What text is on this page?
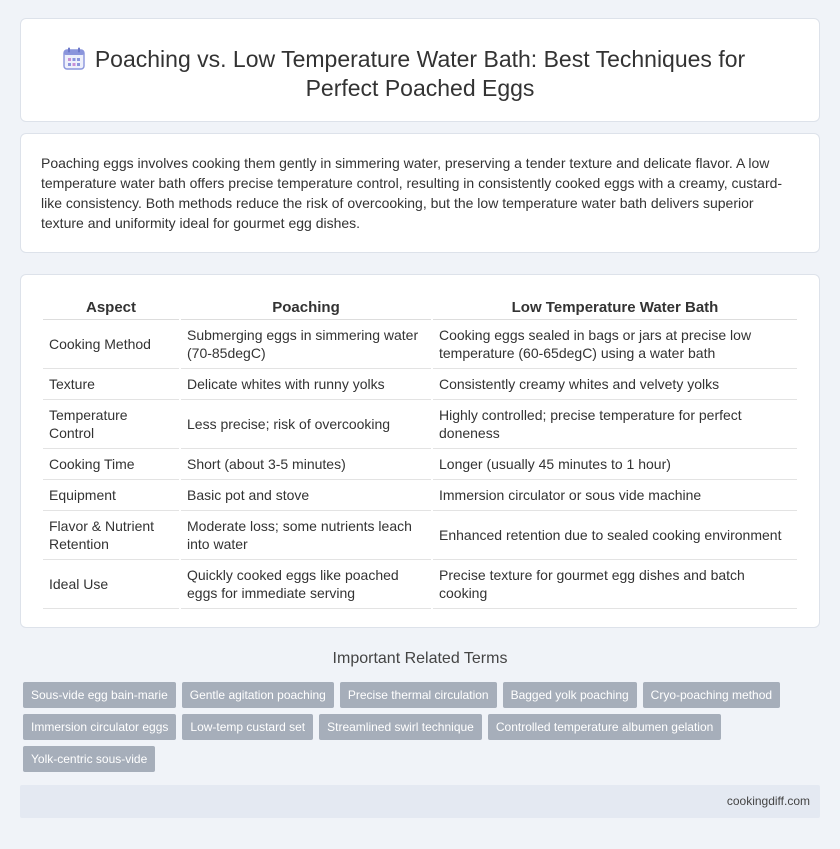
Poaching vs. Low Temperature Water Bath: Best Techniques for Perfect Poached Eggs

Poaching eggs involves cooking them gently in simmering water, preserving a tender texture and delicate flavor. A low temperature water bath offers precise temperature control, resulting in consistently cooked eggs with a creamy, custard-like consistency. Both methods reduce the risk of overcooking, but the low temperature water bath delivers superior texture and uniformity ideal for gourmet egg dishes.

Aspect	Poaching	Low Temperature Water Bath
Cooking Method	Submerging eggs in simmering water (70-85degC)	Cooking eggs sealed in bags or jars at precise low temperature (60-65degC) using a water bath
Texture	Delicate whites with runny yolks	Consistently creamy whites and velvety yolks
Temperature Control	Less precise; risk of overcooking	Highly controlled; precise temperature for perfect doneness
Cooking Time	Short (about 3-5 minutes)	Longer (usually 45 minutes to 1 hour)
Equipment	Basic pot and stove	Immersion circulator or sous vide machine
Flavor & Nutrient Retention	Moderate loss; some nutrients leach into water	Enhanced retention due to sealed cooking environment
Ideal Use	Quickly cooked eggs like poached eggs for immediate serving	Precise texture for gourmet egg dishes and batch cooking
Important Related Terms
Sous-vide egg bain-marie	Gentle agitation poaching	Precise thermal circulation	Bagged yolk poaching	Cryo-poaching method
Immersion circulator eggs	Low-temp custard set	Streamlined swirl technique	Controlled temperature albumen gelation
Yolk-centric sous-vide
cookingdiff.com
